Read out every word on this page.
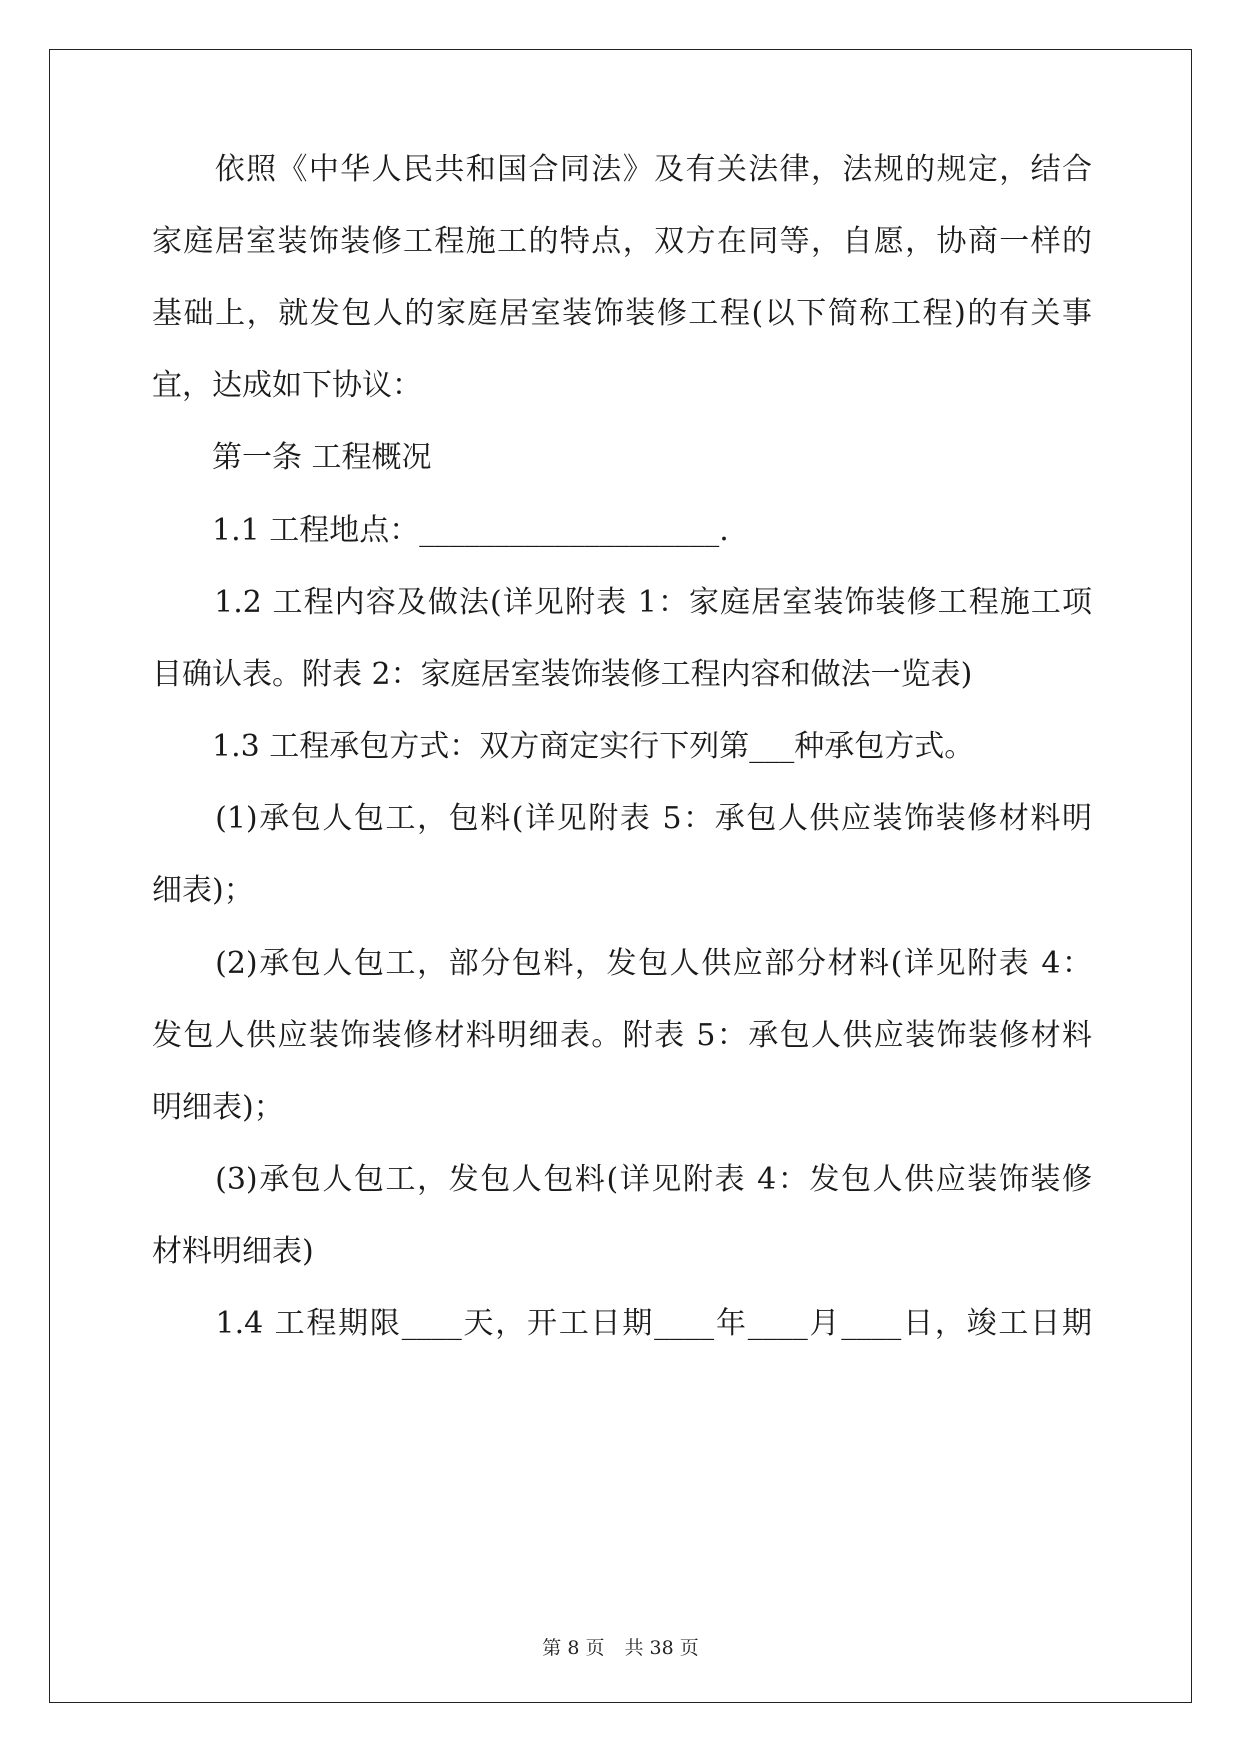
　　依照《中华人民共和国合同法》及有关法律，法规的规定，结合
家庭居室装饰装修工程施工的特点，双方在同等，自愿，协商一样的
基础上，就发包人的家庭居室装饰装修工程(以下简称工程)的有关事
宜，达成如下协议：
　　第一条 工程概况
　　1.1 工程地点：____________________.
　　1.2 工程内容及做法(详见附表 1：家庭居室装饰装修工程施工项
目确认表。附表 2：家庭居室装饰装修工程内容和做法一览表)
　　1.3 工程承包方式：双方商定实行下列第___种承包方式。
　　(1)承包人包工，包料(详见附表 5：承包人供应装饰装修材料明
细表)；
　　(2)承包人包工，部分包料，发包人供应部分材料(详见附表 4：
发包人供应装饰装修材料明细表。附表 5：承包人供应装饰装修材料
明细表)；
　　(3)承包人包工，发包人包料(详见附表 4：发包人供应装饰装修
材料明细表)
　　1.4 工程期限____天，开工日期____年____月____日，竣工日期
第 8 页 共 38 页
